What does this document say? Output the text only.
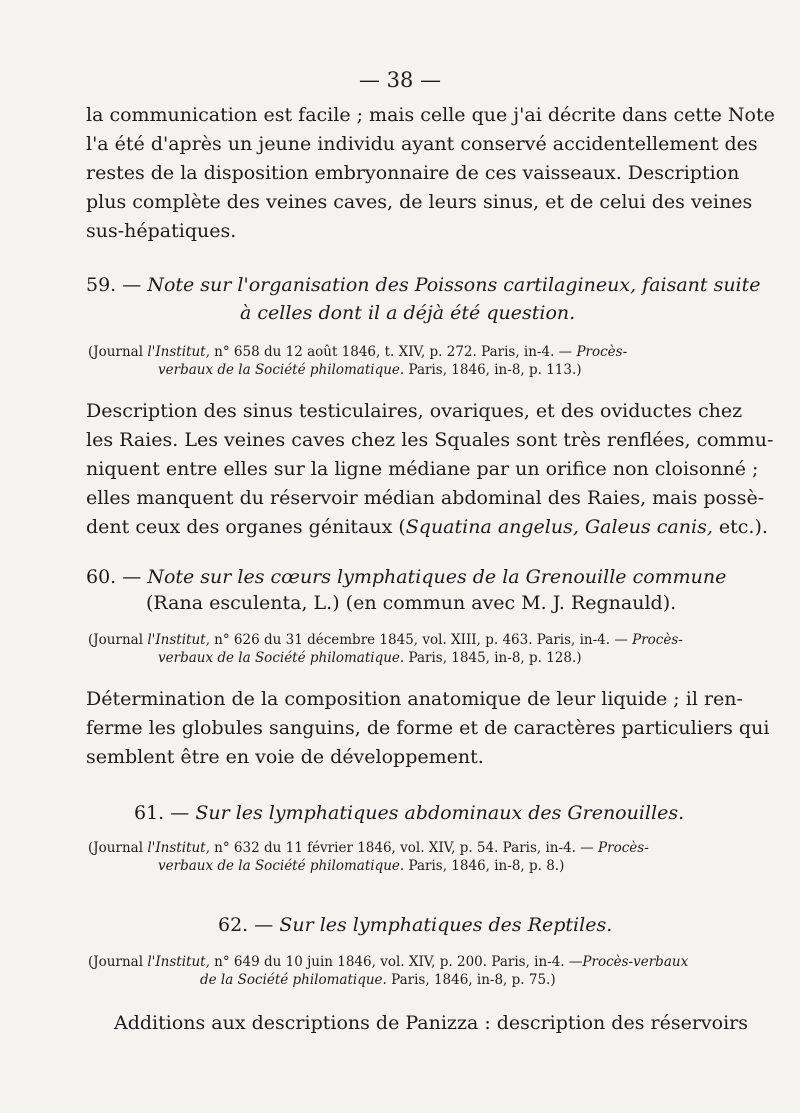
— 38 —
la communication est facile ; mais celle que j'ai décrite dans cette Note
l'a été d'après un jeune individu ayant conservé accidentellement des
restes de la disposition embryonnaire de ces vaisseaux. Description
plus complète des veines caves, de leurs sinus, et de celui des veines
sus-hépatiques.
59. — Note sur l'organisation des Poissons cartilagineux, faisant suite
à celles dont il a déjà été question.
(Journal l'Institut, n° 658 du 12 août 1846, t. XIV, p. 272. Paris, in-4. — Procès-
verbaux de la Société philomatique. Paris, 1846, in-8, p. 113.)
Description des sinus testiculaires, ovariques, et des oviductes chez
les Raies. Les veines caves chez les Squales sont très renflées, commu-
niquent entre elles sur la ligne médiane par un orifice non cloisonné ;
elles manquent du réservoir médian abdominal des Raies, mais possè-
dent ceux des organes génitaux (Squatina angelus, Galeus canis, etc.).
60. — Note sur les cœurs lymphatiques de la Grenouille commune
(Rana esculenta, L.) (en commun avec M. J. Regnauld).
(Journal l'Institut, n° 626 du 31 décembre 1845, vol. XIII, p. 463. Paris, in-4. — Procès-
verbaux de la Société philomatique. Paris, 1845, in-8, p. 128.)
Détermination de la composition anatomique de leur liquide ; il ren-
ferme les globules sanguins, de forme et de caractères particuliers qui
semblent être en voie de développement.
61. — Sur les lymphatiques abdominaux des Grenouilles.
(Journal l'Institut, n° 632 du 11 février 1846, vol. XIV, p. 54. Paris, in-4. — Procès-
verbaux de la Société philomatique. Paris, 1846, in-8, p. 8.)
62. — Sur les lymphatiques des Reptiles.
(Journal l'Institut, n° 649 du 10 juin 1846, vol. XIV, p. 200. Paris, in-4. —Procès-verbaux
de la Société philomatique. Paris, 1846, in-8, p. 75.)
Additions aux descriptions de Panizza : description des réservoirs
